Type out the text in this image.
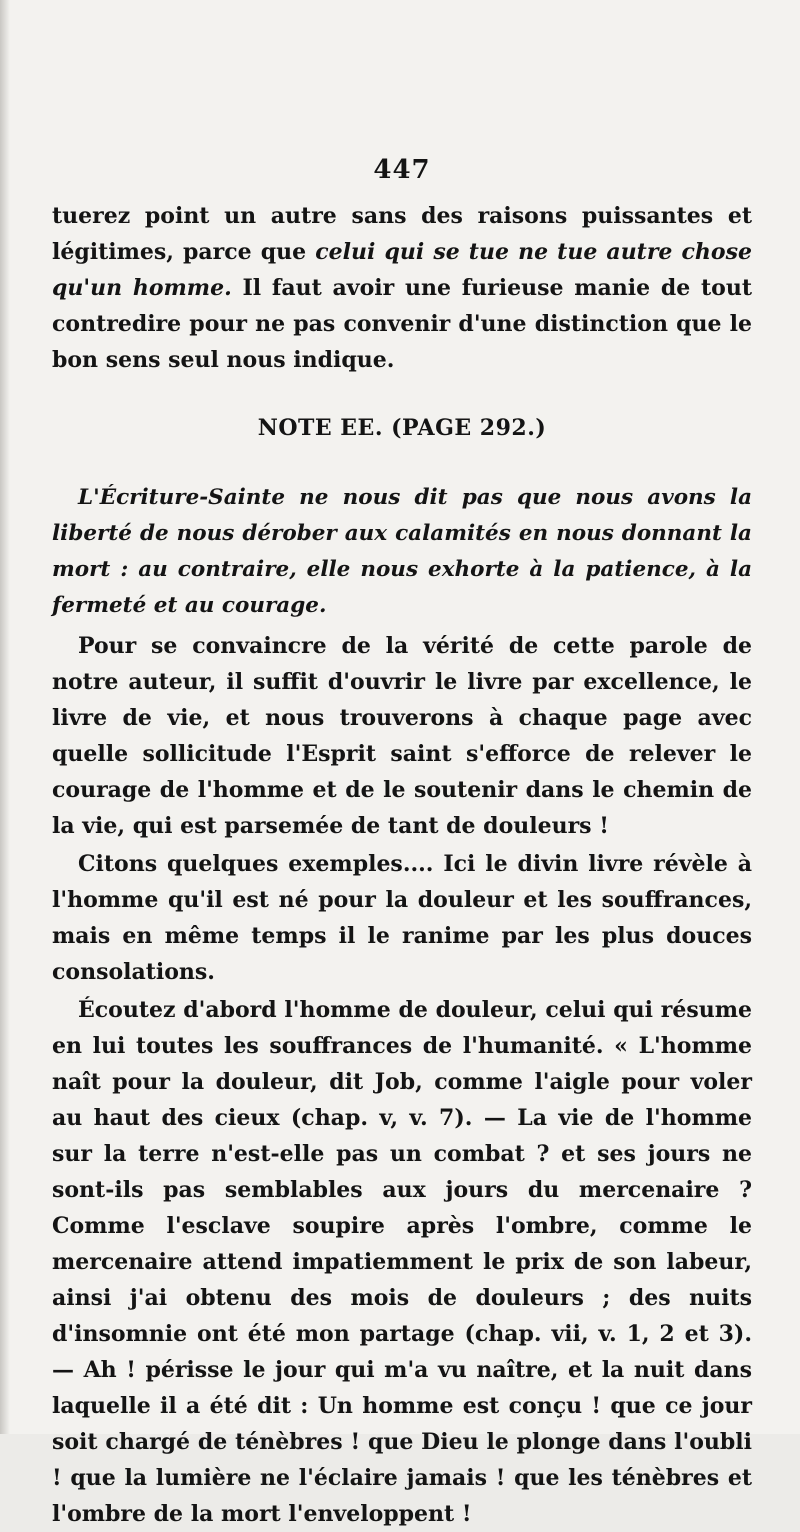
447

tuerez point un autre sans des raisons puissantes et légitimes, parce que celui qui se tue ne tue autre chose qu'un homme. Il faut avoir une furieuse manie de tout contredire pour ne pas convenir d'une distinction que le bon sens seul nous indique.

NOTE EE. (PAGE 292.)

L'Écriture-Sainte ne nous dit pas que nous avons la liberté de nous dérober aux calamités en nous donnant la mort : au contraire, elle nous exhorte à la patience, à la fermeté et au courage.

Pour se convaincre de la vérité de cette parole de notre auteur, il suffit d'ouvrir le livre par excellence, le livre de vie, et nous trouverons à chaque page avec quelle sollicitude l'Esprit saint s'efforce de relever le courage de l'homme et de le soutenir dans le chemin de la vie, qui est parsemée de tant de douleurs !

Citons quelques exemples.... Ici le divin livre révèle à l'homme qu'il est né pour la douleur et les souffrances, mais en même temps il le ranime par les plus douces consolations.

Écoutez d'abord l'homme de douleur, celui qui résume en lui toutes les souffrances de l'humanité. « L'homme naît pour la douleur, dit Job, comme l'aigle pour voler au haut des cieux (chap. v, v. 7). — La vie de l'homme sur la terre n'est-elle pas un combat ? et ses jours ne sont-ils pas semblables aux jours du mercenaire ? Comme l'esclave soupire après l'ombre, comme le mercenaire attend impatiemment le prix de son labeur, ainsi j'ai obtenu des mois de douleurs ; des nuits d'insomnie ont été mon partage (chap. vii, v. 1, 2 et 3). — Ah ! périsse le jour qui m'a vu naître, et la nuit dans laquelle il a été dit : Un homme est conçu ! que ce jour soit chargé de ténèbres ! que Dieu le plonge dans l'oubli ! que la lumière ne l'éclaire jamais ! que les ténèbres et l'ombre de la mort l'enveloppent !
